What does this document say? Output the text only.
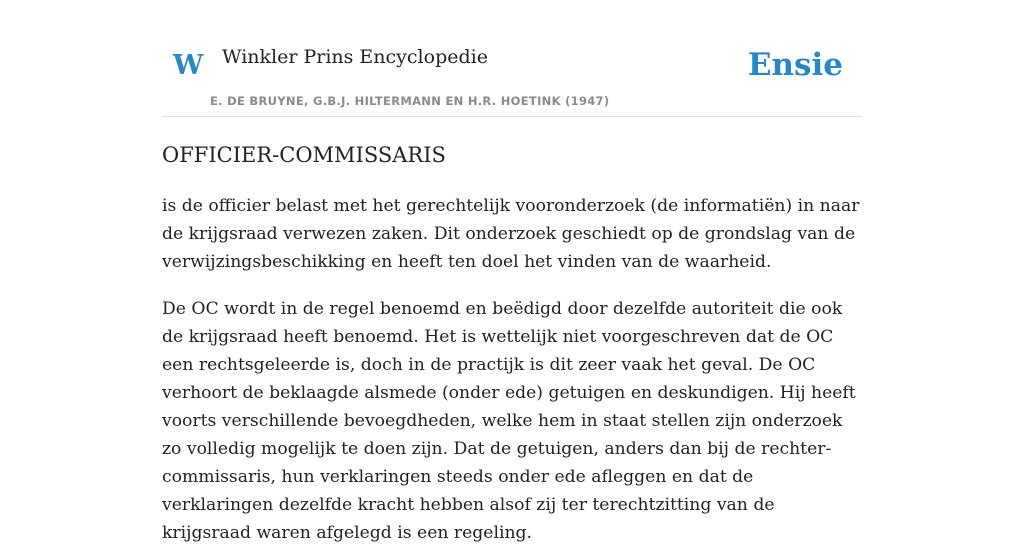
W Winkler Prins Encyclopedie
E. DE BRUYNE, G.B.J. HILTERMANN EN H.R. HOETINK (1947)
Ensie
OFFICIER-COMMISSARIS

is de officier belast met het gerechtelijk vooronderzoek (de informatiën) in naar de krijgsraad verwezen zaken. Dit onderzoek geschiedt op de grondslag van de verwijzingsbeschikking en heeft ten doel het vinden van de waarheid.

De OC wordt in de regel benoemd en beëdigd door dezelfde autoriteit die ook de krijgsraad heeft benoemd. Het is wettelijk niet voorgeschreven dat de OC een rechtsgeleerde is, doch in de practijk is dit zeer vaak het geval. De OC verhoort de beklaagde alsmede (onder ede) getuigen en deskundigen. Hij heeft voorts verschillende bevoegdheden, welke hem in staat stellen zijn onderzoek zo volledig mogelijk te doen zijn. Dat de getuigen, anders dan bij de rechter-commissaris, hun verklaringen steeds onder ede afleggen en dat de verklaringen dezelfde kracht hebben alsof zij ter terechtzitting van de krijgsraad waren afgelegd is een regeling.
